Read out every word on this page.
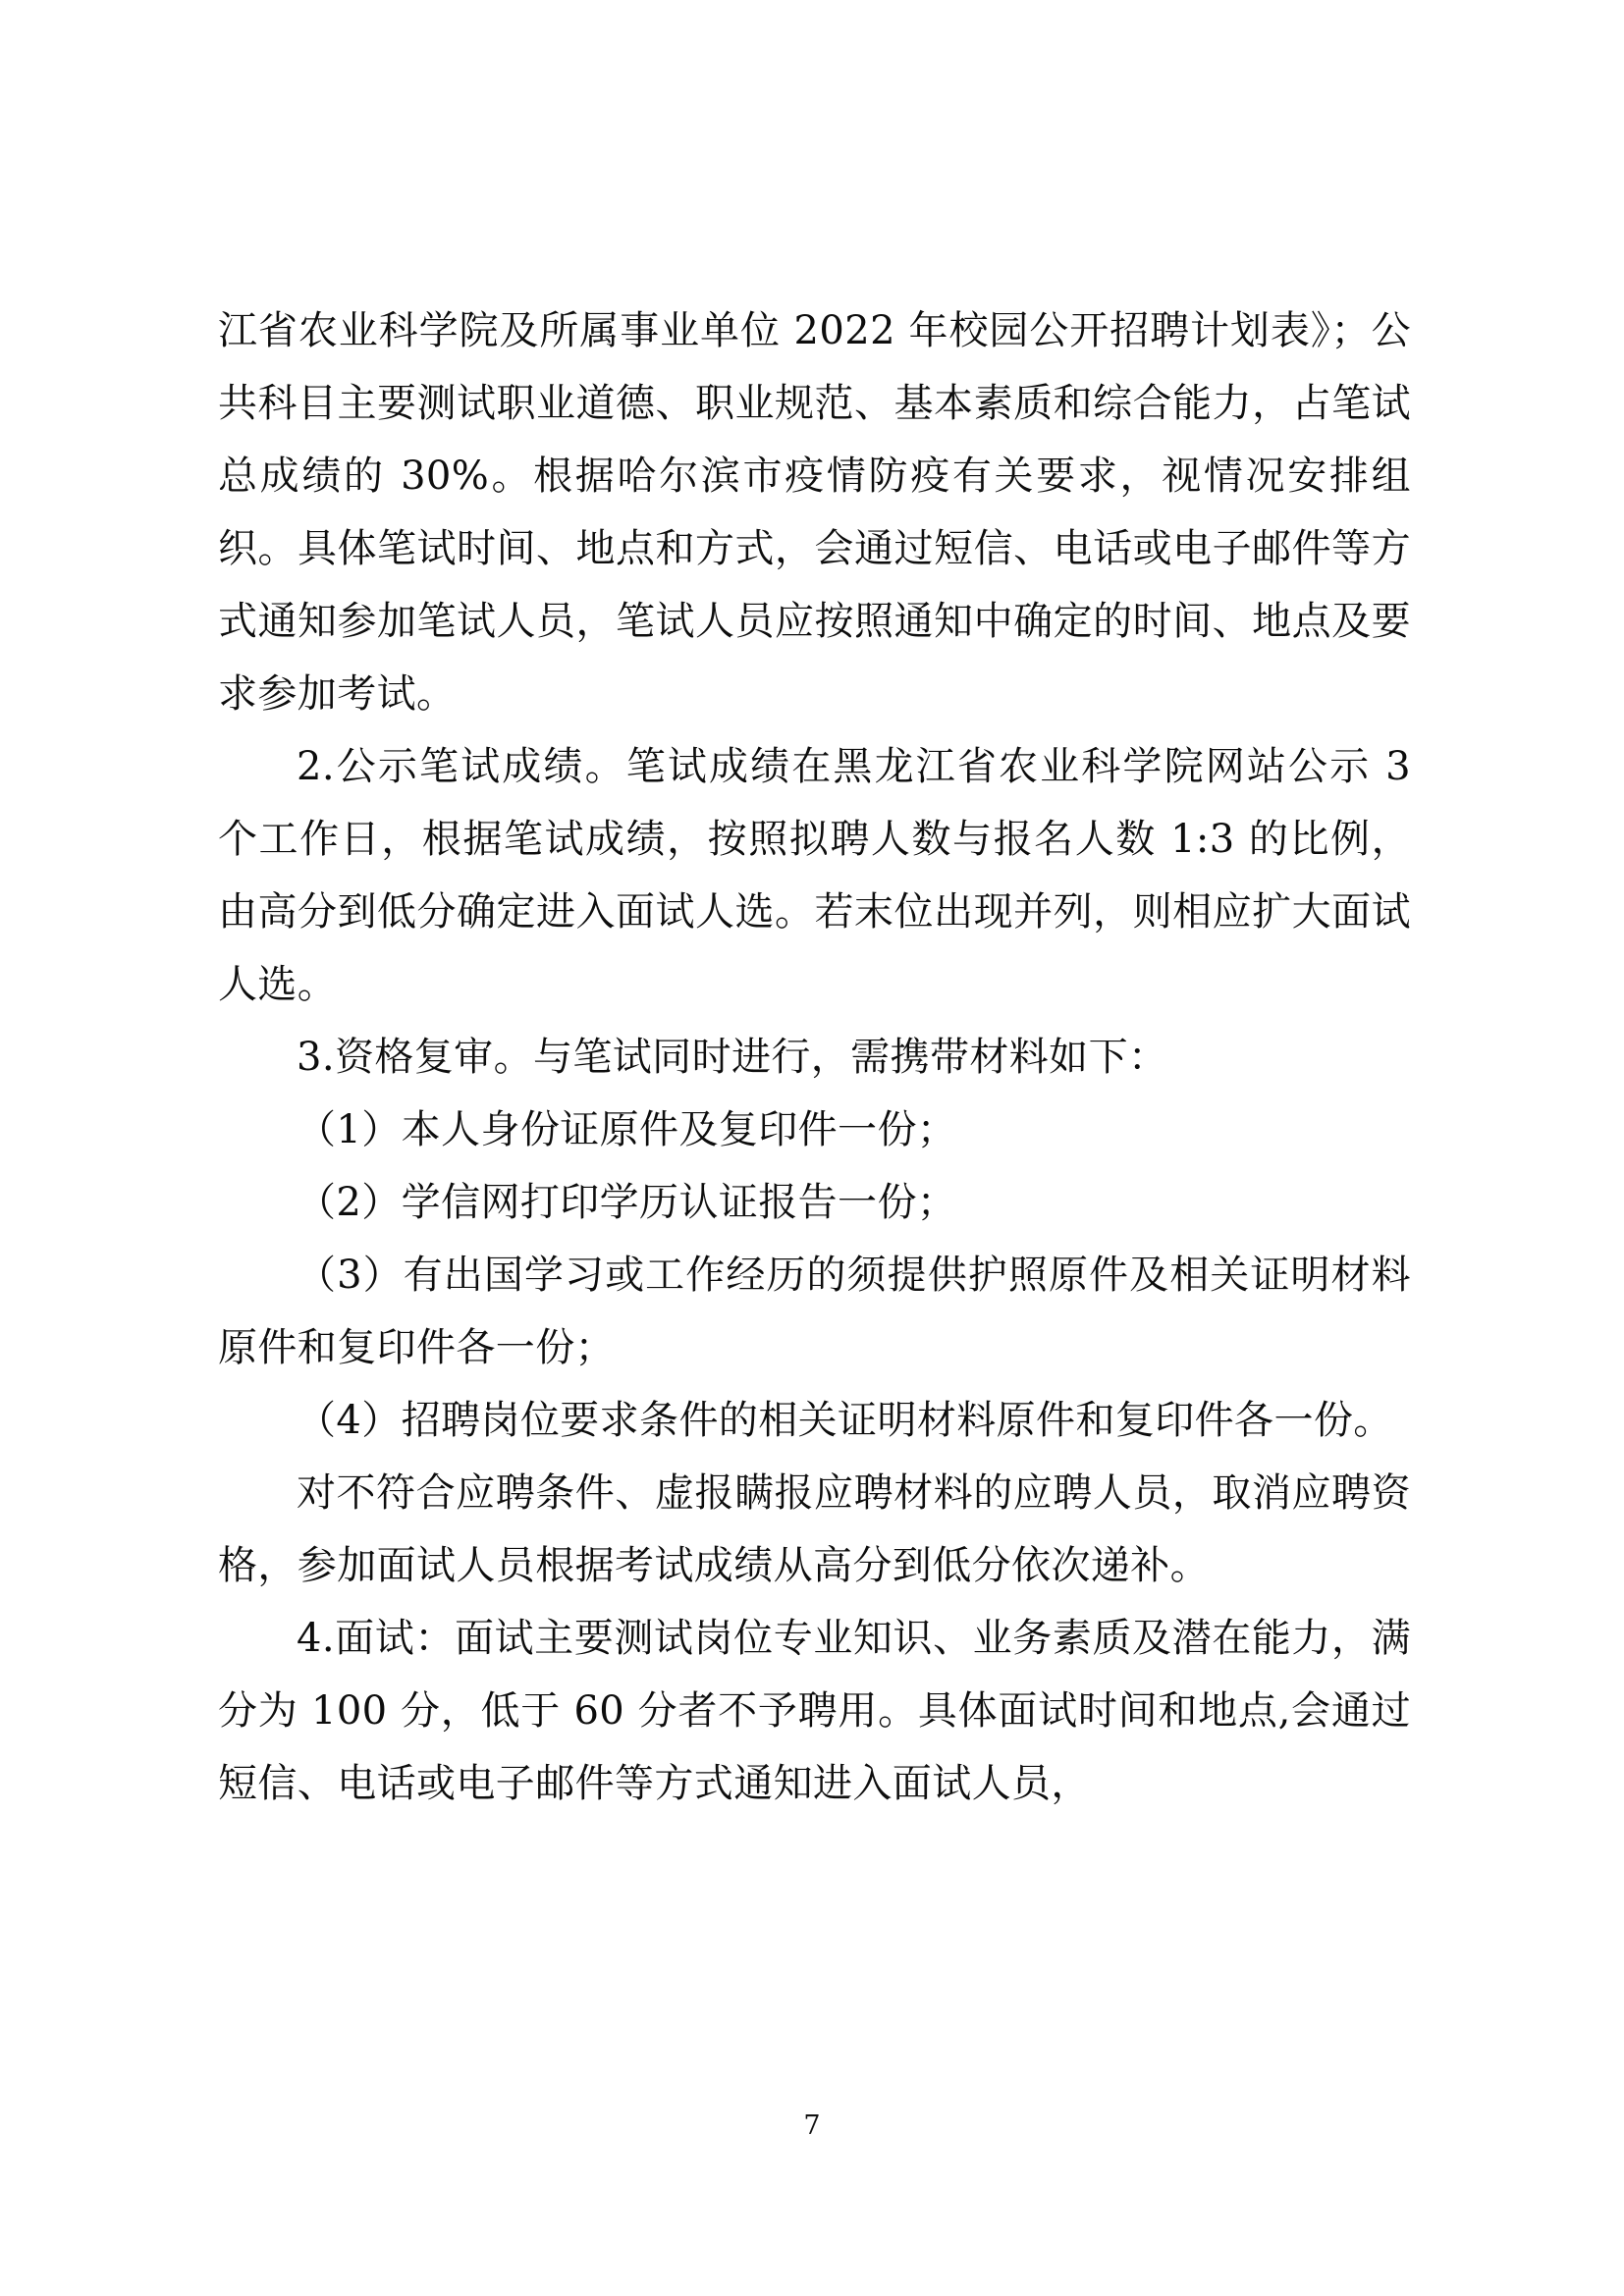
江省农业科学院及所属事业单位 2022 年校园公开招聘计划表》；公共科目主要测试职业道德、职业规范、基本素质和综合能力，占笔试总成绩的 30%。根据哈尔滨市疫情防疫有关要求，视情况安排组织。具体笔试时间、地点和方式，会通过短信、电话或电子邮件等方式通知参加笔试人员，笔试人员应按照通知中确定的时间、地点及要求参加考试。

2.公示笔试成绩。笔试成绩在黑龙江省农业科学院网站公示 3 个工作日，根据笔试成绩，按照拟聘人数与报名人数 1:3 的比例，由高分到低分确定进入面试人选。若末位出现并列，则相应扩大面试人选。

3.资格复审。与笔试同时进行，需携带材料如下：

（1）本人身份证原件及复印件一份；

（2）学信网打印学历认证报告一份；

（3）有出国学习或工作经历的须提供护照原件及相关证明材料原件和复印件各一份；

（4）招聘岗位要求条件的相关证明材料原件和复印件各一份。

对不符合应聘条件、虚报瞒报应聘材料的应聘人员，取消应聘资格，参加面试人员根据考试成绩从高分到低分依次递补。

4.面试：面试主要测试岗位专业知识、业务素质及潜在能力，满分为 100 分，低于 60 分者不予聘用。具体面试时间和地点,会通过短信、电话或电子邮件等方式通知进入面试人员，

7
